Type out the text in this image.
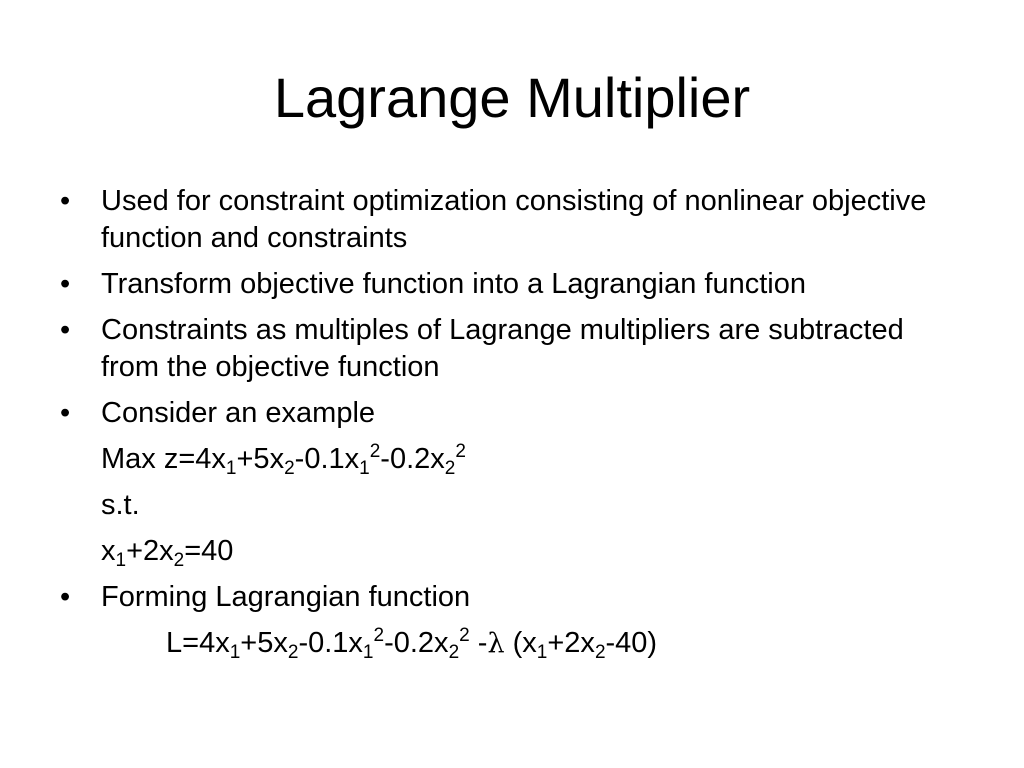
Lagrange Multiplier
• Used for constraint optimization consisting of nonlinear objective function and constraints
• Transform objective function into a Lagrangian function
• Constraints as multiples of Lagrange multipliers are subtracted from the objective function
• Consider an example
Max $z=4x_1+5x_2-0.1x_1^2-0.2x_2^2$
s.t.
$x_1+2x_2=40$
• Forming Lagrangian function
$L=4x_1+5x_2-0.1x_1^2-0.2x_2^2$ -λ $(x_1+2x_2-40)$
